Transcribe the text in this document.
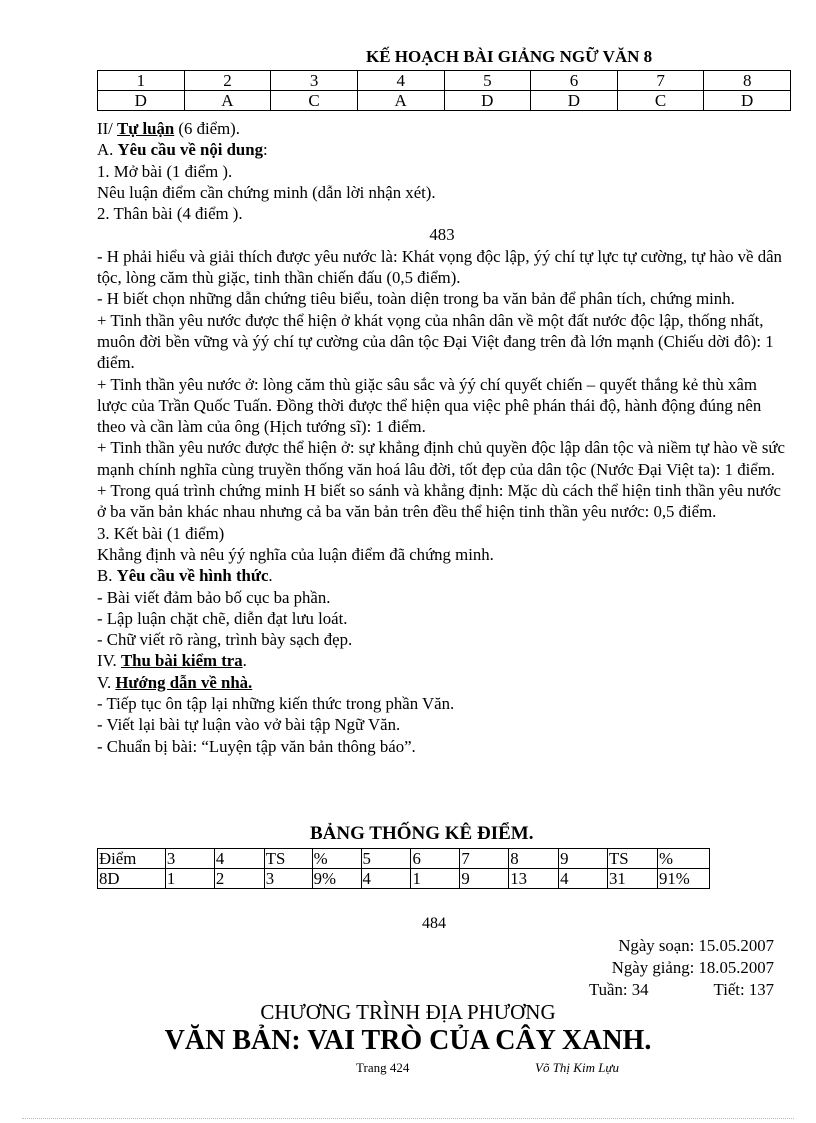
KẾ HOẠCH BÀI GIẢNG NGỮ VĂN 8
1	2	3	4	5	6	7	8
D	A	C	A	D	D	C	D

II/ Tự luận (6 điểm).

A. Yêu cầu về nội dung:

1. Mở bài (1 điểm ).

Nêu luận điểm cần chứng minh (dẫn lời nhận xét).

2. Thân bài (4 điểm ).

483

- H phải hiểu và giải thích được yêu nước là: Khát vọng độc lập, ýý chí tự lực tự cường, tự hào về dân tộc, lòng căm thù giặc, tinh thần chiến đấu (0,5 điểm).

- H biết chọn những dẫn chứng tiêu biểu, toàn diện trong ba văn bản để phân tích, chứng minh.

+ Tinh thần yêu nước được thể hiện ở khát vọng của nhân dân về một đất nước độc lập, thống nhất, muôn đời bền vững và ýý chí tự cường của dân tộc Đại Việt đang trên đà lớn mạnh (Chiếu dời đô): 1 điểm.

+ Tinh thần yêu nước ở: lòng căm thù giặc sâu sắc và ýý chí quyết chiến – quyết thắng kẻ thù xâm lược của Trần Quốc Tuấn. Đồng thời được thể hiện qua việc phê phán thái độ, hành động đúng nên theo và cần làm của ông (Hịch tướng sĩ): 1 điểm.

+ Tinh thần yêu nước được thể hiện ở: sự khẳng định chủ quyền độc lập dân tộc và niềm tự hào về sức mạnh chính nghĩa cùng truyền thống văn hoá lâu đời, tốt đẹp của dân tộc (Nước Đại Việt ta): 1 điểm.

+ Trong quá trình chứng minh H biết so sánh và khẳng định: Mặc dù cách thể hiện tinh thần yêu nước ở ba văn bản khác nhau nhưng cả ba văn bản trên đều thể hiện tinh thần yêu nước: 0,5 điểm.

3. Kết bài (1 điểm)

Khẳng định và nêu ýý nghĩa của luận điểm đã chứng minh.

B. Yêu cầu về hình thức.

- Bài viết đảm bảo bố cục ba phần.

- Lập luận chặt chẽ, diễn đạt lưu loát.

- Chữ viết rõ ràng, trình bày sạch đẹp.

IV. Thu bài kiểm tra.

V. Hướng dẫn về nhà.

- Tiếp tục ôn tập lại những kiến thức trong phần Văn.

- Viết lại bài tự luận vào vở bài tập Ngữ Văn.

- Chuẩn bị bài: “Luyện tập văn bản thông báo”.

BẢNG THỐNG KÊ ĐIỂM.
Điểm	3	4	TS	%	5	6	7	8	9	TS	%
8D	1	2	3	9%	4	1	9	13	4	31	91%
484
Ngày soạn: 15.05.2007
Ngày giảng: 18.05.2007
Tuần: 34	Tiết: 137
CHƯƠNG TRÌNH ĐỊA PHƯƠNG
VĂN BẢN: VAI TRÒ CỦA CÂY XANH.
Trang 424	Võ Thị Kim Lựu
